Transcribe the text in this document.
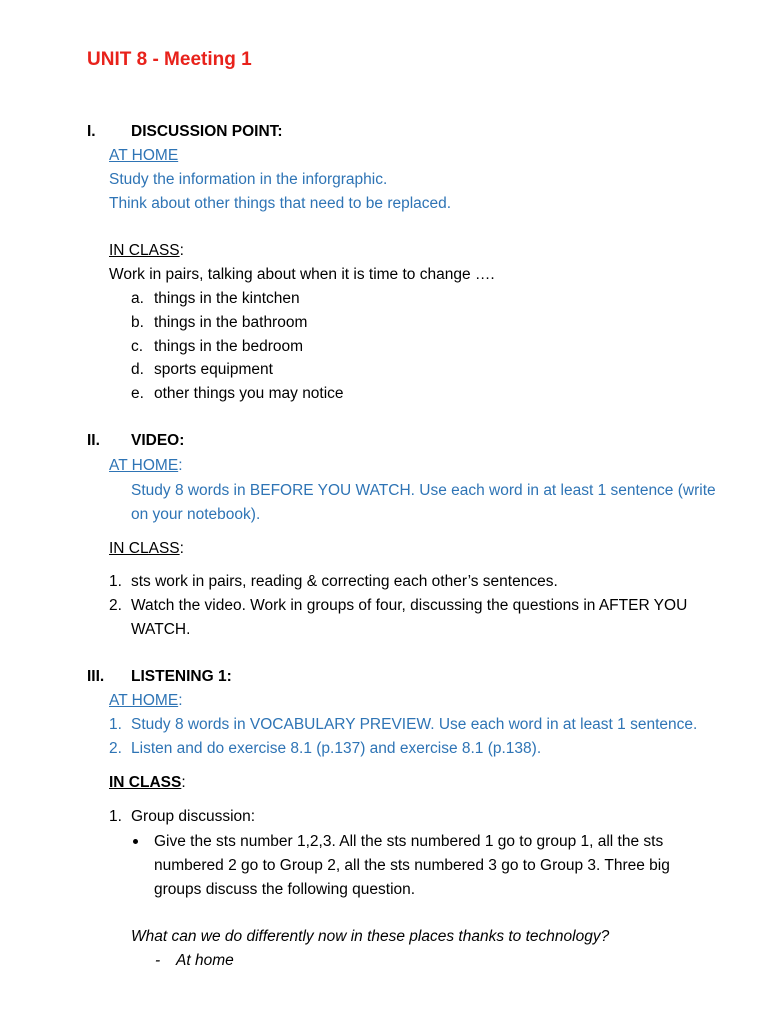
UNIT 8 - Meeting 1
I. DISCUSSION POINT:
AT HOME
Study the information in the inforgraphic.
Think about other things that need to be replaced.
IN CLASS:
Work in pairs, talking about when it is time to change ….
a. things in the kintchen
b. things in the bathroom
c. things in the bedroom
d. sports equipment
e. other things you may notice
II. VIDEO:
AT HOME:
Study 8 words in BEFORE YOU WATCH. Use each word in at least 1 sentence (write
on your notebook).
IN CLASS:
1. sts work in pairs, reading & correcting each other’s sentences.
2. Watch the video. Work in groups of four, discussing the questions in AFTER YOU
WATCH.
III. LISTENING 1:
AT HOME:
1. Study 8 words in VOCABULARY PREVIEW. Use each word in at least 1 sentence.
2. Listen and do exercise 8.1 (p.137) and exercise 8.1 (p.138).
IN CLASS:
1. Group discussion:
Give the sts number 1,2,3. All the sts numbered 1 go to group 1, all the sts
numbered 2 go to Group 2, all the sts numbered 3 go to Group 3. Three big
groups discuss the following question.
What can we do differently now in these places thanks to technology?
- At home
